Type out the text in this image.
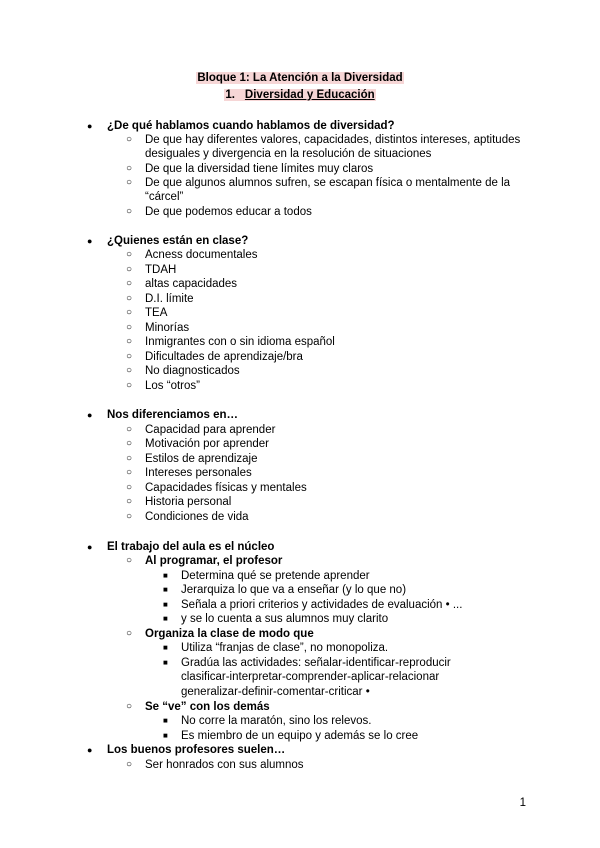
Bloque 1: La Atención a la Diversidad
1. Diversidad y Educación
● ¿De qué hablamos cuando hablamos de diversidad?
○ De que hay diferentes valores, capacidades, distintos intereses, aptitudes
desiguales y divergencia en la resolución de situaciones
○ De que la diversidad tiene límites muy claros
○ De que algunos alumnos sufren, se escapan física o mentalmente de la
“cárcel”
○ De que podemos educar a todos
● ¿Quienes están en clase?
○ Acness documentales
○ TDAH
○ altas capacidades
○ D.I. límite
○ TEA
○ Minorías
○ Inmigrantes con o sin idioma español
○ Dificultades de aprendizaje/bra
○ No diagnosticados
○ Los “otros”
● Nos diferenciamos en…
○ Capacidad para aprender
○ Motivación por aprender
○ Estilos de aprendizaje
○ Intereses personales
○ Capacidades físicas y mentales
○ Historia personal
○ Condiciones de vida
● El trabajo del aula es el núcleo
○ Al programar, el profesor
■ Determina qué se pretende aprender
■ Jerarquiza lo que va a enseñar (y lo que no)
■ Señala a priori criterios y actividades de evaluación • ...
■ y se lo cuenta a sus alumnos muy clarito
○ Organiza la clase de modo que
■ Utiliza “franjas de clase”, no monopoliza.
■ Gradúa las actividades: señalar-identificar-reproducir
clasificar-interpretar-comprender-aplicar-relacionar
generalizar-definir-comentar-criticar •
○ Se “ve” con los demás
■ No corre la maratón, sino los relevos.
■ Es miembro de un equipo y además se lo cree
● Los buenos profesores suelen…
○ Ser honrados con sus alumnos
1
